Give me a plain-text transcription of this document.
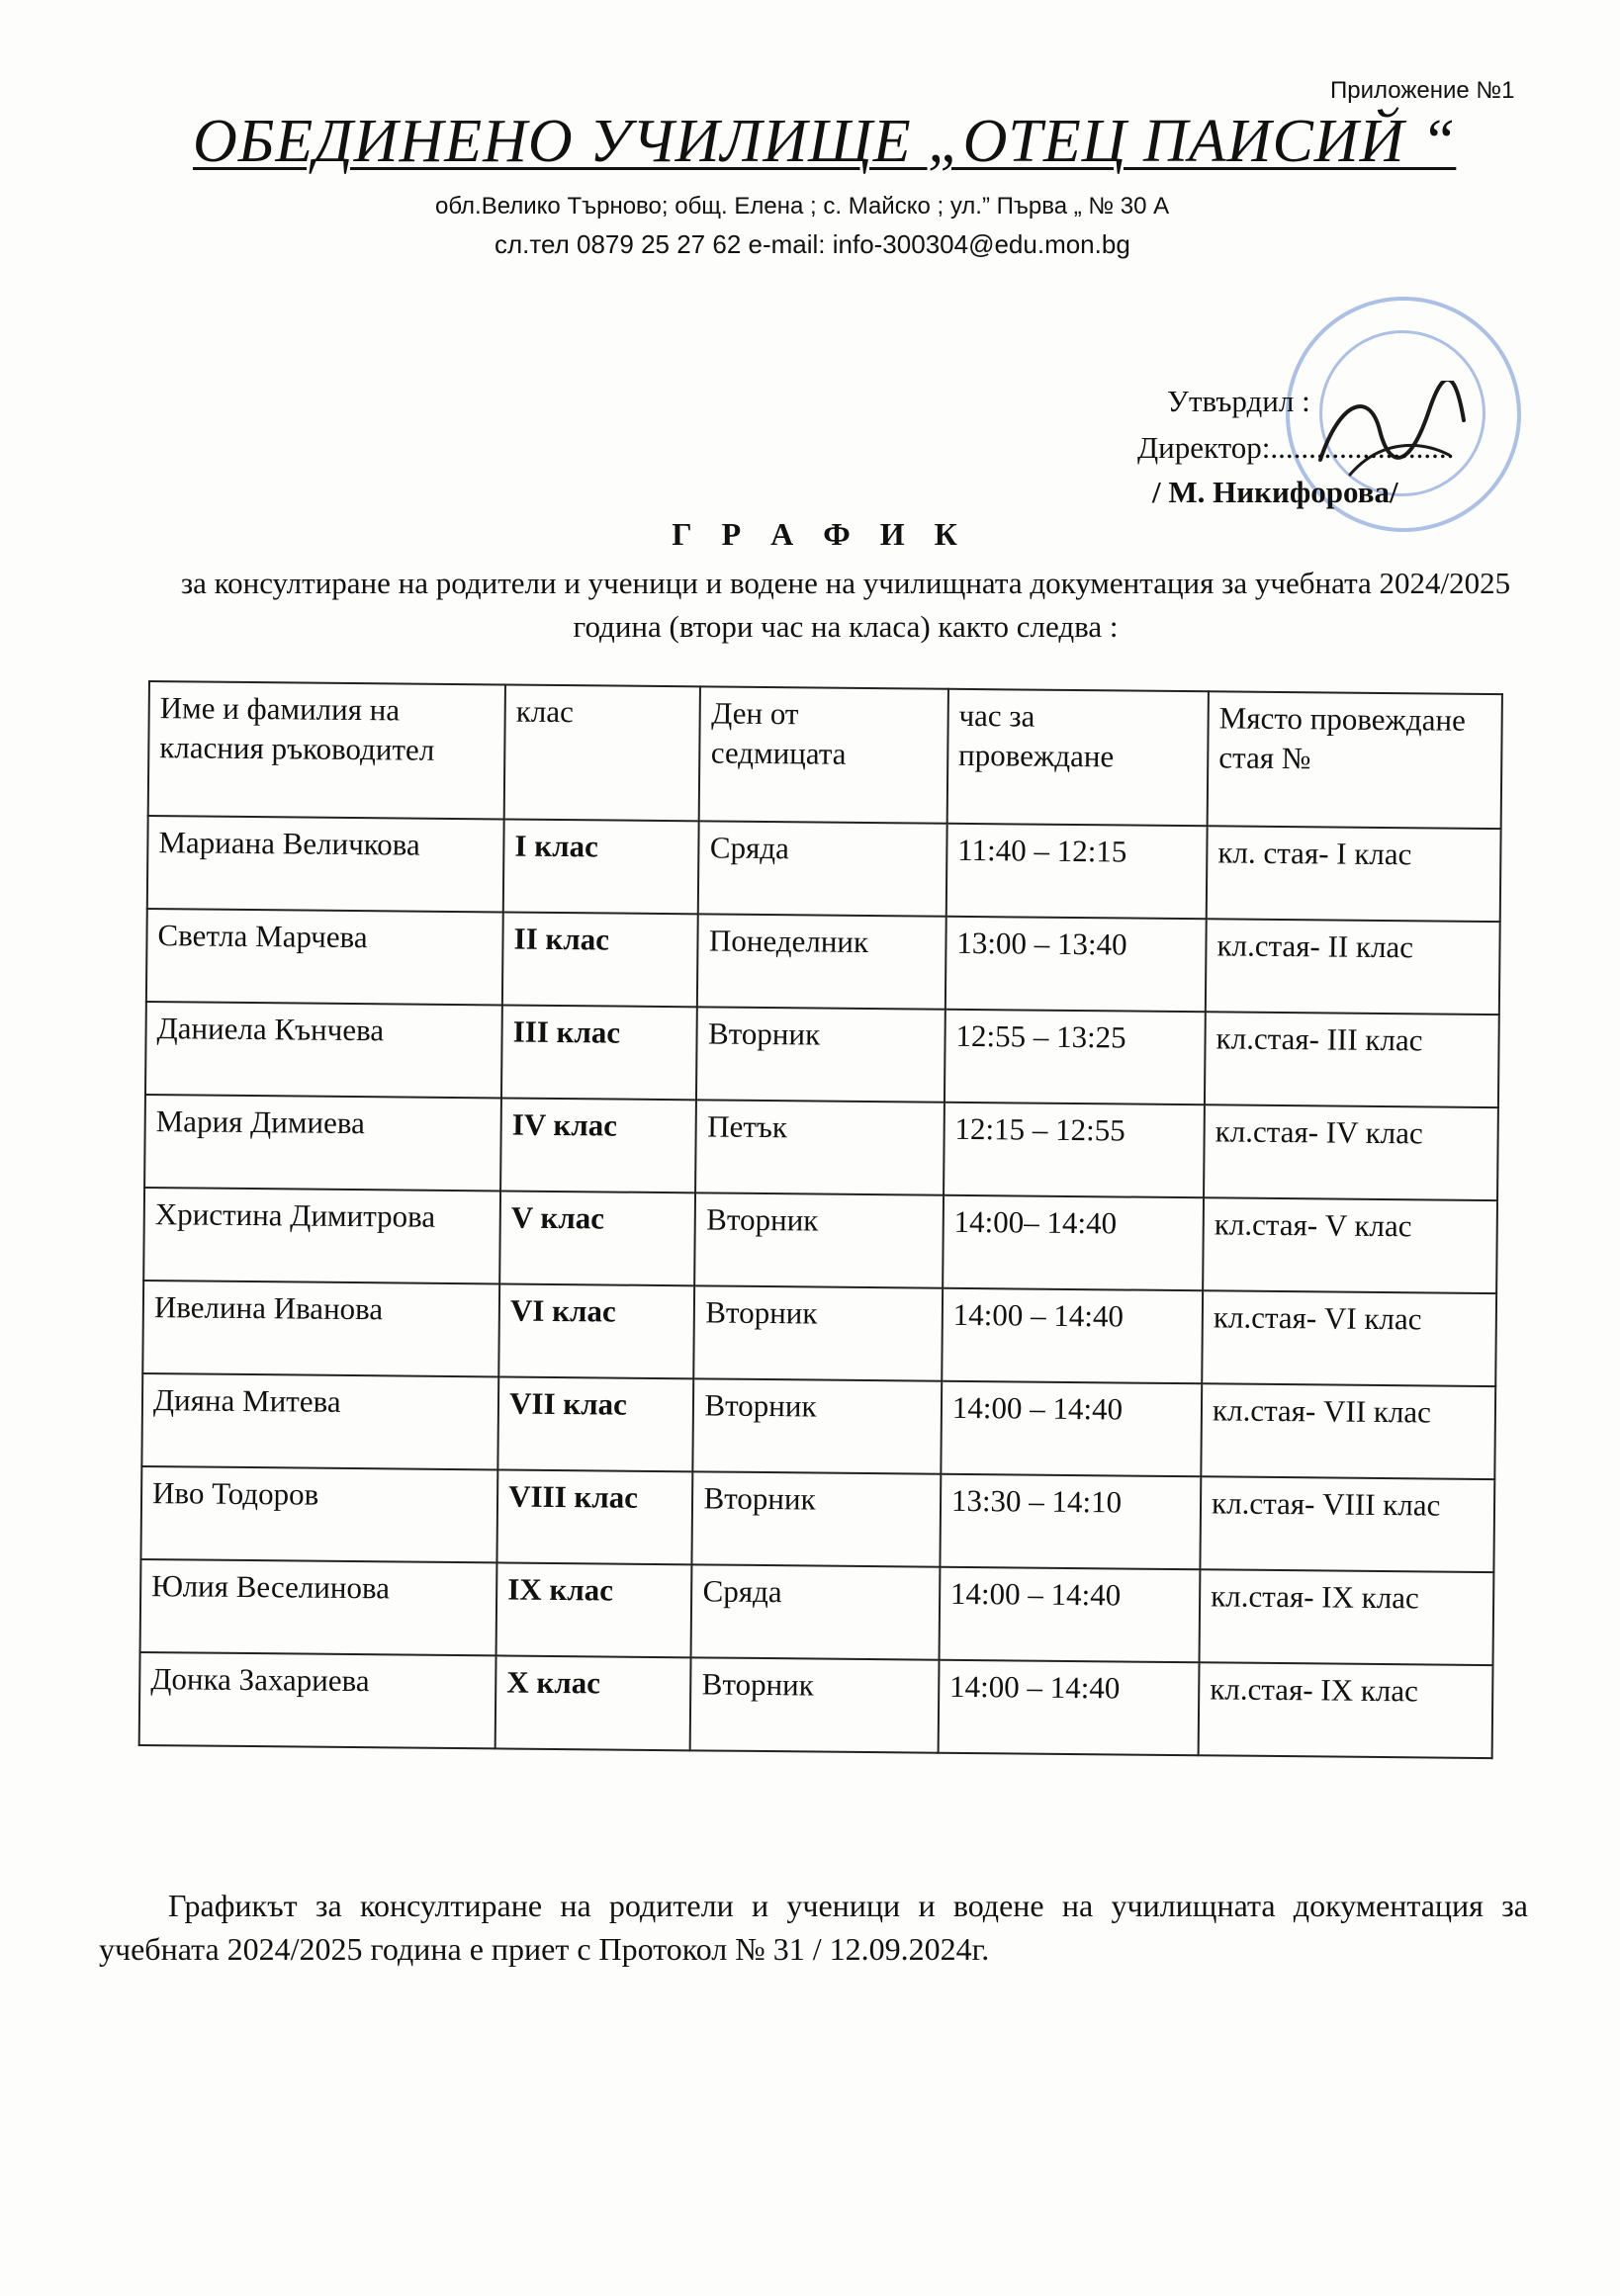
Приложение №1
ОБЕДИНЕНО УЧИЛИЩЕ „ОТЕЦ ПАИСИЙ “
обл.Велико Търново; общ. Елена ; с. Майско ; ул.” Първа „ № 30 А
сл.тел 0879 25 27 62 e-mail: info-300304@edu.mon.bg
Утвърдил :
Директор:........................
/ М. Никифорова/
Г Р А Ф И К
за консултиране на родители и ученици и водене на училищната документация за учебната 2024/2025 година (втори час на класа) както следва :
Име и фамилия на класния ръководител	клас	Ден от седмицата	час за провеждане	Място провеждане стая №
Мариана Величкова	I клас	Сряда	11:40 – 12:15	кл. стая- I клас
Светла Марчева	II клас	Понеделник	13:00 – 13:40	кл.стая- II клас
Даниела Кънчева	III клас	Вторник	12:55 – 13:25	кл.стая- III клас
Мария Димиева	IV клас	Петък	12:15 – 12:55	кл.стая- IV клас
Христина Димитрова	V клас	Вторник	14:00– 14:40	кл.стая- V клас
Ивелина Иванова	VI клас	Вторник	14:00 – 14:40	кл.стая- VI клас
Дияна Митева	VII клас	Вторник	14:00 – 14:40	кл.стая- VII клас
Иво Тодоров	VIII клас	Вторник	13:30 – 14:10	кл.стая- VIII клас
Юлия Веселинова	IX клас	Сряда	14:00 – 14:40	кл.стая- IX клас
Донка Захариева	X клас	Вторник	14:00 – 14:40	кл.стая- IX клас
Графикът за консултиране на родители и ученици и водене на училищната документация за учебната 2024/2025 година е приет с Протокол № 31 / 12.09.2024г.
